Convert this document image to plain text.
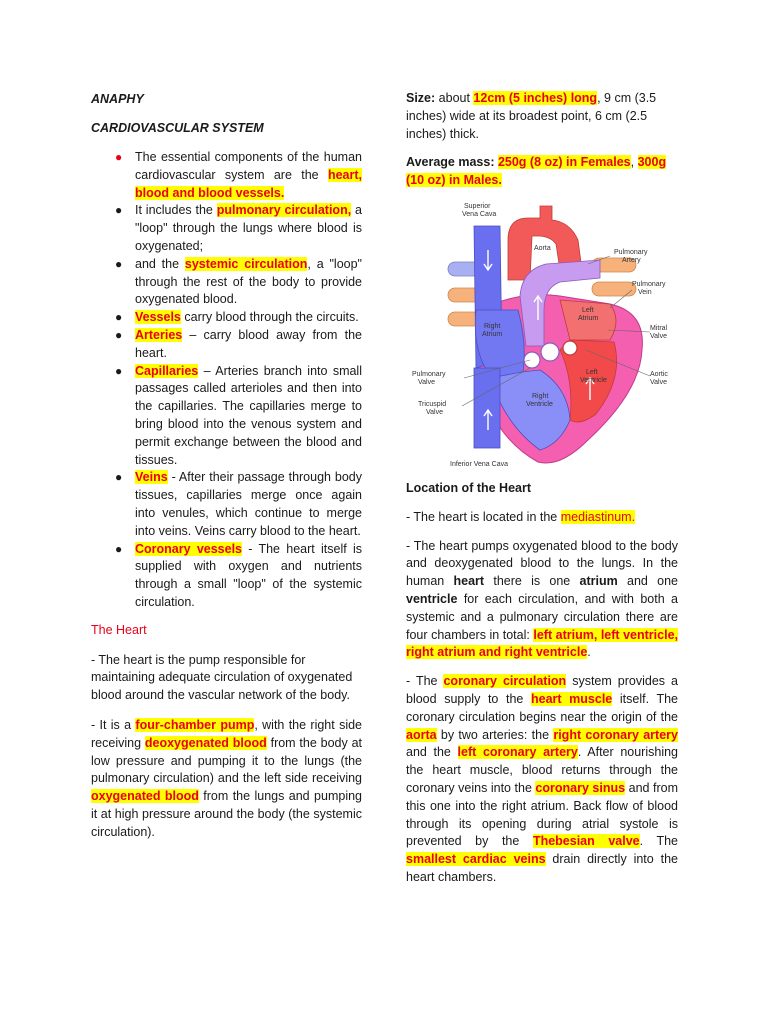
ANAPHY
CARDIOVASCULAR SYSTEM
● The essential components of the human cardiovascular system are the heart, blood and blood vessels.
● It includes the pulmonary circulation, a "loop" through the lungs where blood is oxygenated;
● and the systemic circulation, a "loop" through the rest of the body to provide oxygenated blood.
● Vessels carry blood through the circuits.
● Arteries – carry blood away from the heart.
● Capillaries – Arteries branch into small passages called arterioles and then into the capillaries. The capillaries merge to bring blood into the venous system and permit exchange between the blood and tissues.
● Veins - After their passage through body tissues, capillaries merge once again into venules, which continue to merge into veins. Veins carry blood to the heart.
● Coronary vessels - The heart itself is supplied with oxygen and nutrients through a small "loop" of the systemic circulation.

The Heart

- The heart is the pump responsible for maintaining adequate circulation of oxygenated blood around the vascular network of the body.

- It is a four-chamber pump, with the right side receiving deoxygenated blood from the body at low pressure and pumping it to the lungs (the pulmonary circulation) and the left side receiving oxygenated blood from the lungs and pumping it at high pressure around the body (the systemic circulation).

Size: about 12cm (5 inches) long, 9 cm (3.5 inches) wide at its broadest point, 6 cm (2.5 inches) thick.

Average mass: 250g (8 oz) in Females, 300g (10 oz) in Males.

Superior
Vena Cava
Aorta
Pulmonary
Artery
Pulmonary
Vein
Left
Atrium
Right
Atrium
Mitral
Valve
Pulmonary
Valve
Left
Ventricle
Aortic
Valve
Tricuspid
Valve
Right
Ventricle
Inferior Vena Cava

Location of the Heart

- The heart is located in the mediastinum.

- The heart pumps oxygenated blood to the body and deoxygenated blood to the lungs. In the human heart there is one atrium and one ventricle for each circulation, and with both a systemic and a pulmonary circulation there are four chambers in total: left atrium, left ventricle, right atrium and right ventricle.

- The coronary circulation system provides a blood supply to the heart muscle itself. The coronary circulation begins near the origin of the aorta by two arteries: the right coronary artery and the left coronary artery. After nourishing the heart muscle, blood returns through the coronary veins into the coronary sinus and from this one into the right atrium. Back flow of blood through its opening during atrial systole is prevented by the Thebesian valve. The smallest cardiac veins drain directly into the heart chambers.
